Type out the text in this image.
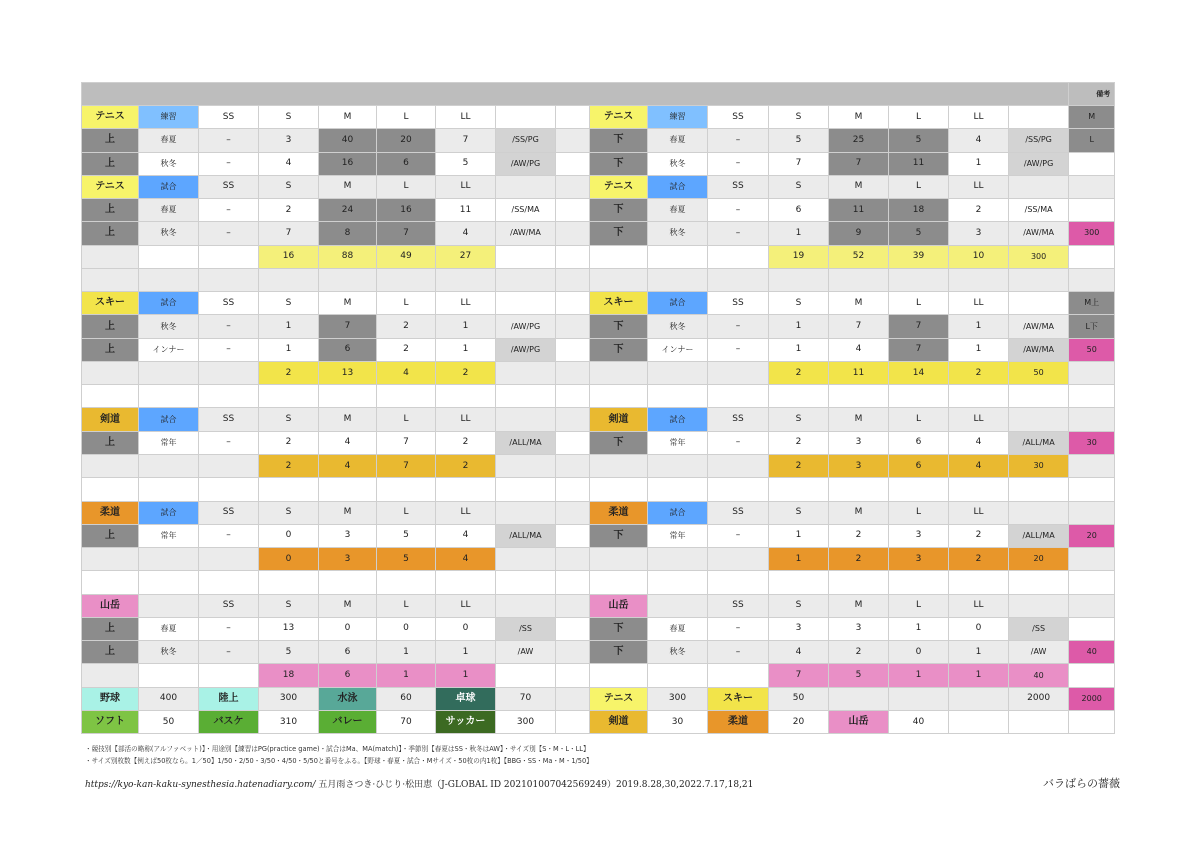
																	備考
テニス	練習	SS	S	M	L	LL			テニス	練習	SS	S	M	L	LL		M
上	春夏	–	3	40	20	7	/SS/PG		下	春夏	–	5	25	5	4	/SS/PG	L
上	秋冬	–	4	16	6	5	/AW/PG		下	秋冬	–	7	7	11	1	/AW/PG	
テニス	試合	SS	S	M	L	LL			テニス	試合	SS	S	M	L	LL		
上	春夏	–	2	24	16	11	/SS/MA		下	春夏	–	6	11	18	2	/SS/MA	
上	秋冬	–	7	8	7	4	/AW/MA		下	秋冬	–	1	9	5	3	/AW/MA	300
			16	88	49	27						19	52	39	10	300	

スキー	試合	SS	S	M	L	LL			スキー	試合	SS	S	M	L	LL		M上
上	秋冬	–	1	7	2	1	/AW/PG		下	秋冬	–	1	7	7	1	/AW/MA	L下
上	インナー	–	1	6	2	1	/AW/PG		下	インナー	–	1	4	7	1	/AW/MA	50
			2	13	4	2						2	11	14	2	50	

剣道	試合	SS	S	M	L	LL			剣道	試合	SS	S	M	L	LL		
上	常年	–	2	4	7	2	/ALL/MA		下	常年	–	2	3	6	4	/ALL/MA	30
			2	4	7	2						2	3	6	4	30	

柔道	試合	SS	S	M	L	LL			柔道	試合	SS	S	M	L	LL		
上	常年	–	0	3	5	4	/ALL/MA		下	常年	–	1	2	3	2	/ALL/MA	20
			0	3	5	4						1	2	3	2	20	

山岳		SS	S	M	L	LL			山岳		SS	S	M	L	LL		
上	春夏	–	13	0	0	0	/SS		下	春夏	–	3	3	1	0	/SS	
上	秋冬	–	5	6	1	1	/AW		下	秋冬	–	4	2	0	1	/AW	40
			18	6	1	1						7	5	1	1	40	
野球	400	陸上	300	水泳	60	卓球	70		テニス	300	スキー	50				2000	2000
ソフト	50	バスケ	310	バレー	70	サッカー	300		剣道	30	柔道	20	山岳	40			
・競技別【部活の略称(アルファベット)】・用途別【練習はPG(practice game)・試合はMa、MA(match)】・季節別【春夏はSS・秋冬はAW】・サイズ別【S・M・L・LL】
・サイズ別枚数【例えば50枚なら。1／50】1/50・2/50・3/50・4/50・5/50と番号をふる。【野球・春夏・試合・Mサイズ・50枚の内1枚】【BBG・SS・Ma・M・1/50】
https://kyo-kan-kaku-synesthesia.hatenadiary.com/ 五月雨さつき·ひじり·松田恵（J-GLOBAL ID 202101007042569249）2019.8.28,30,2022.7.17,18,21	バラばらの薔薇
